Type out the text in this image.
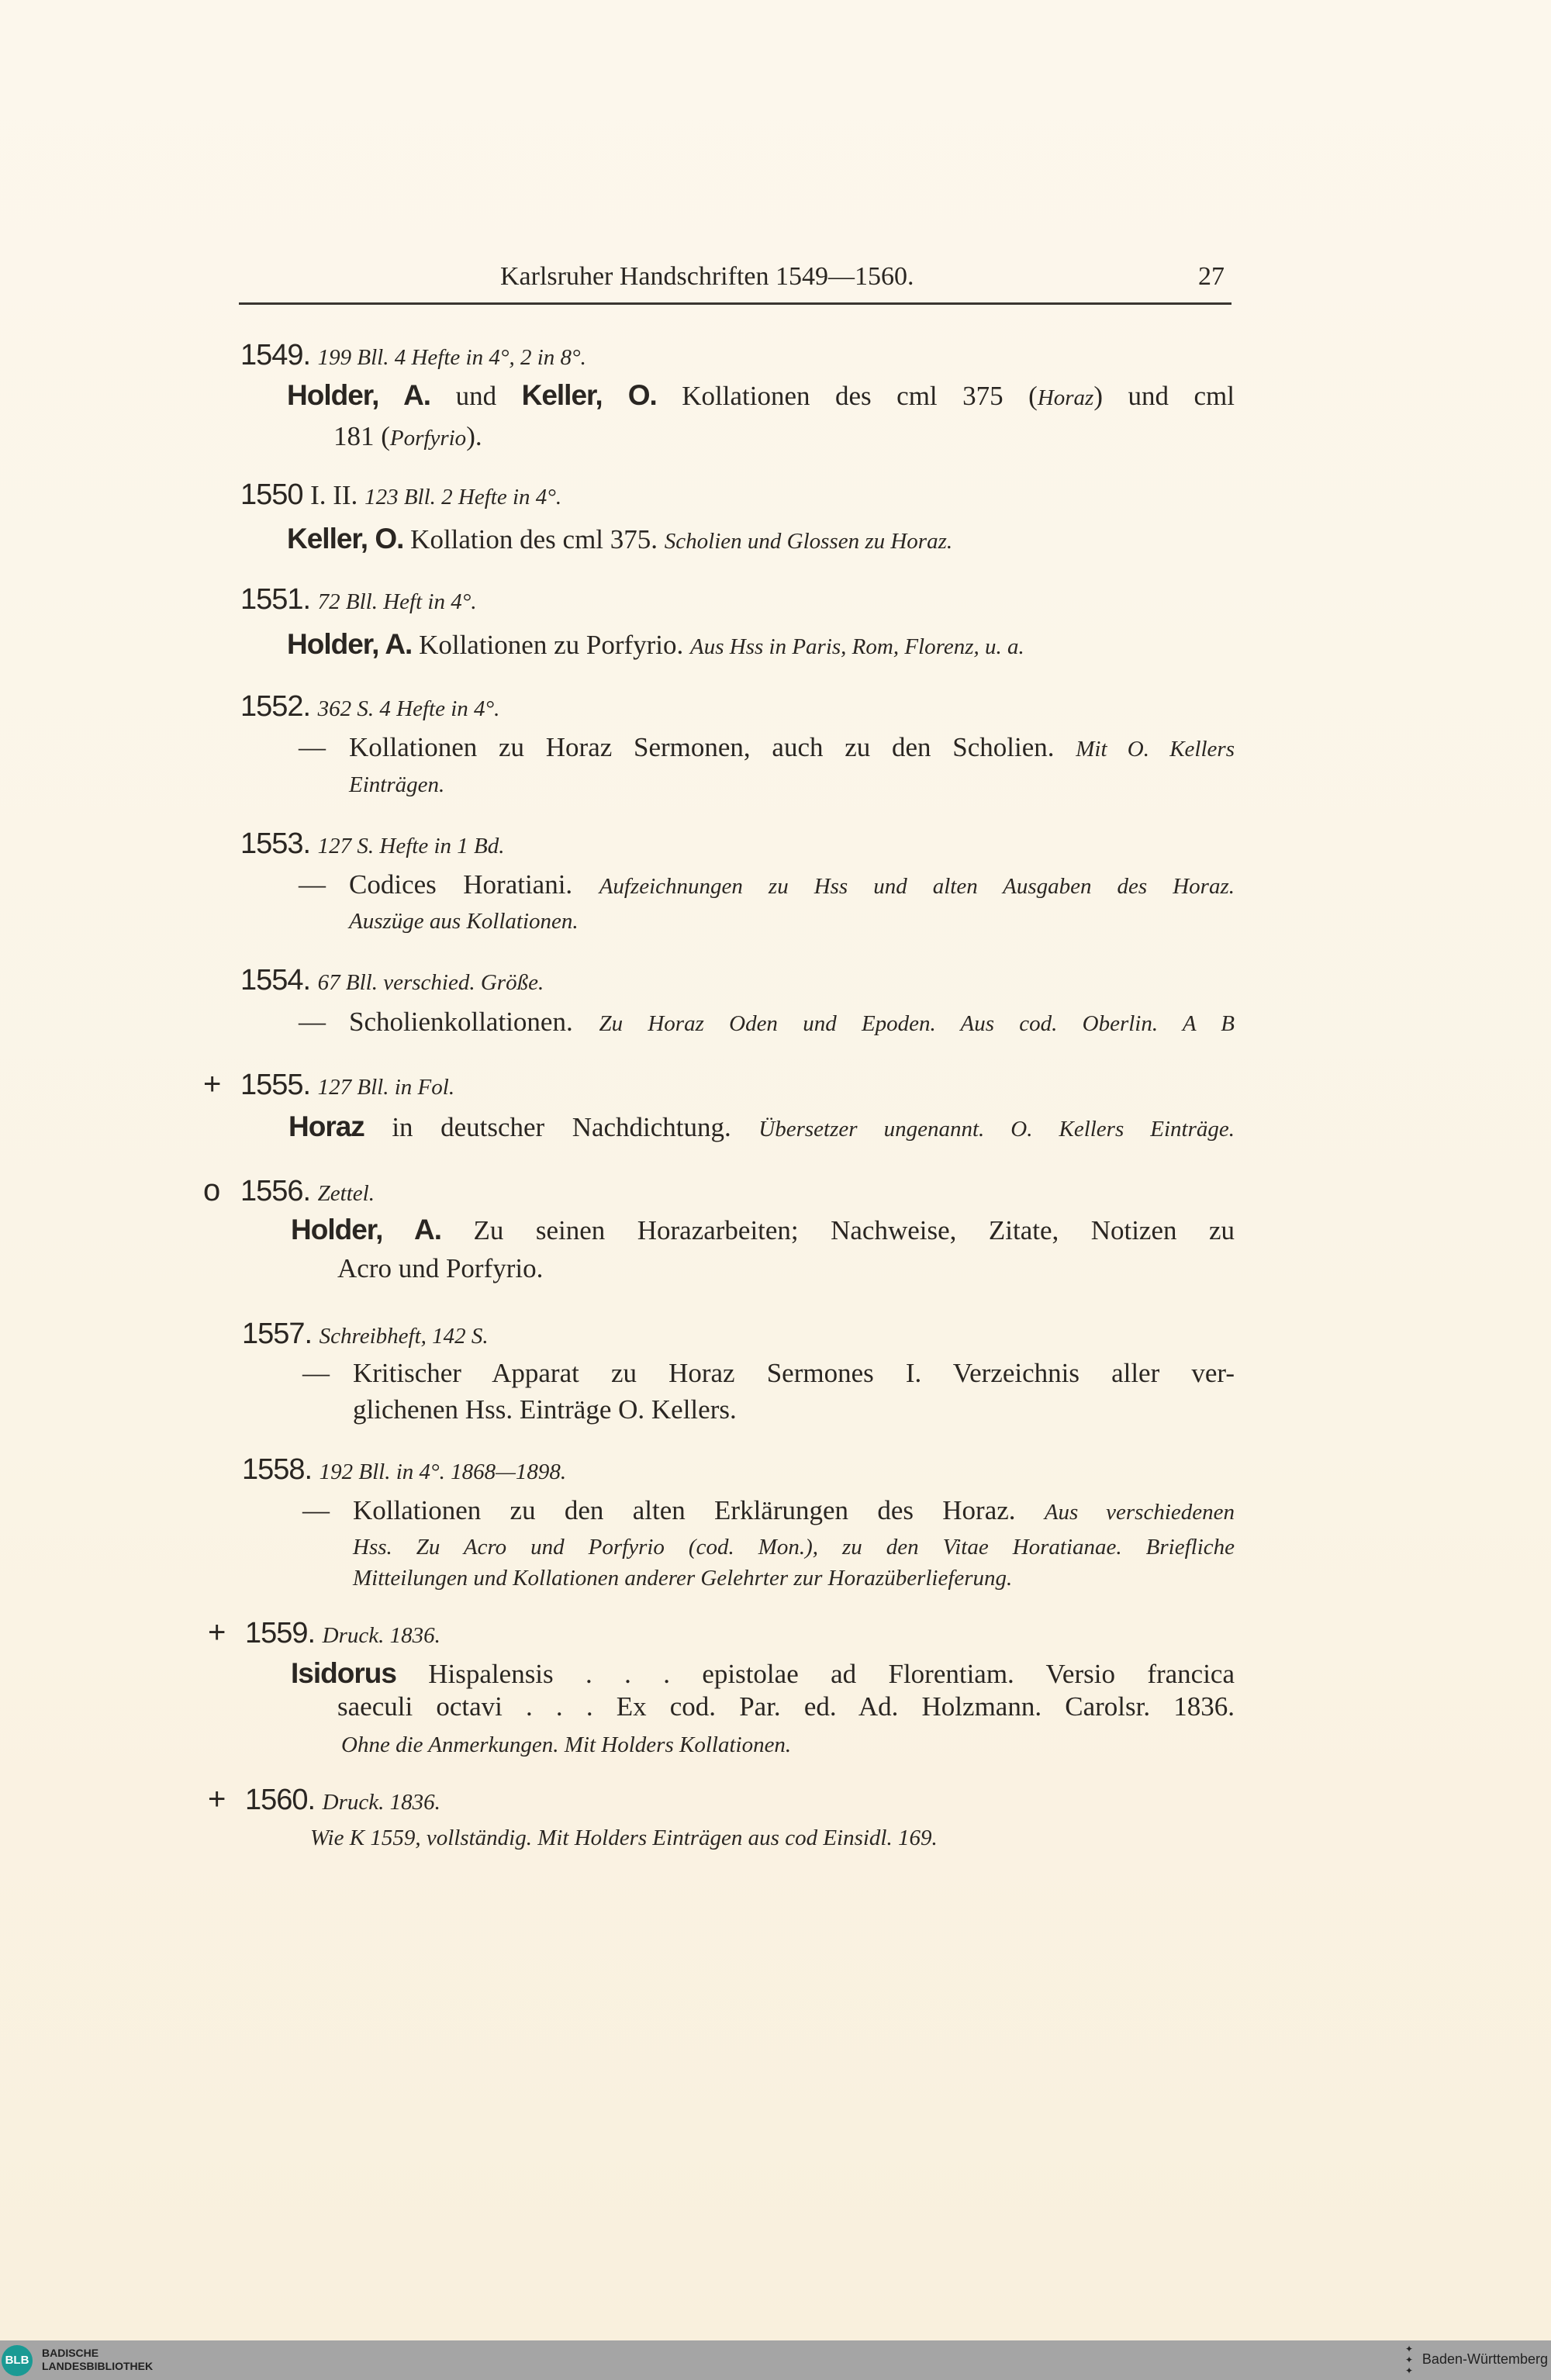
Karlsruher Handschriften 1549—1560.	27
1549. 199 Bll. 4 Hefte in 4°, 2 in 8°.
Holder, A. und Keller, O. Kollationen des cml 375 (Horaz) und cml
181 (Porfyrio).
1550 I. II. 123 Bll. 2 Hefte in 4°.
Keller, O. Kollation des cml 375. Scholien und Glossen zu Horaz.
1551. 72 Bll. Heft in 4°.
Holder, A. Kollationen zu Porfyrio. Aus Hss in Paris, Rom, Florenz, u. a.
1552. 362 S. 4 Hefte in 4°.
— Kollationen zu Horaz Sermonen, auch zu den Scholien. Mit O. Kellers
Einträgen.
1553. 127 S. Hefte in 1 Bd.
— Codices Horatiani. Aufzeichnungen zu Hss und alten Ausgaben des Horaz.
Auszüge aus Kollationen.
1554. 67 Bll. verschied. Größe.
— Scholienkollationen. Zu Horaz Oden und Epoden. Aus cod. Oberlin. A B
+ 1555. 127 Bll. in Fol.
Horaz in deutscher Nachdichtung. Übersetzer ungenannt. O. Kellers Einträge.
o 1556. Zettel.
Holder, A. Zu seinen Horazarbeiten; Nachweise, Zitate, Notizen zu
Acro und Porfyrio.
1557. Schreibheft, 142 S.
— Kritischer Apparat zu Horaz Sermones I. Verzeichnis aller ver-
glichenen Hss. Einträge O. Kellers.
1558. 192 Bll. in 4°. 1868—1898.
— Kollationen zu den alten Erklärungen des Horaz. Aus verschiedenen
Hss. Zu Acro und Porfyrio (cod. Mon.), zu den Vitae Horatianae. Briefliche
Mitteilungen und Kollationen anderer Gelehrter zur Horazüberlieferung.
+ 1559. Druck. 1836.
Isidorus Hispalensis . . . epistolae ad Florentiam. Versio francica
saeculi octavi . . . Ex cod. Par. ed. Ad. Holzmann. Carolsr. 1836.
Ohne die Anmerkungen. Mit Holders Kollationen.
+ 1560. Druck. 1836.
Wie K 1559, vollständig. Mit Holders Einträgen aus cod Einsidl. 169.
BLB
BADISCHE
LANDESBIBLIOTHEK
✦
✦
✦
Baden-Württemberg
